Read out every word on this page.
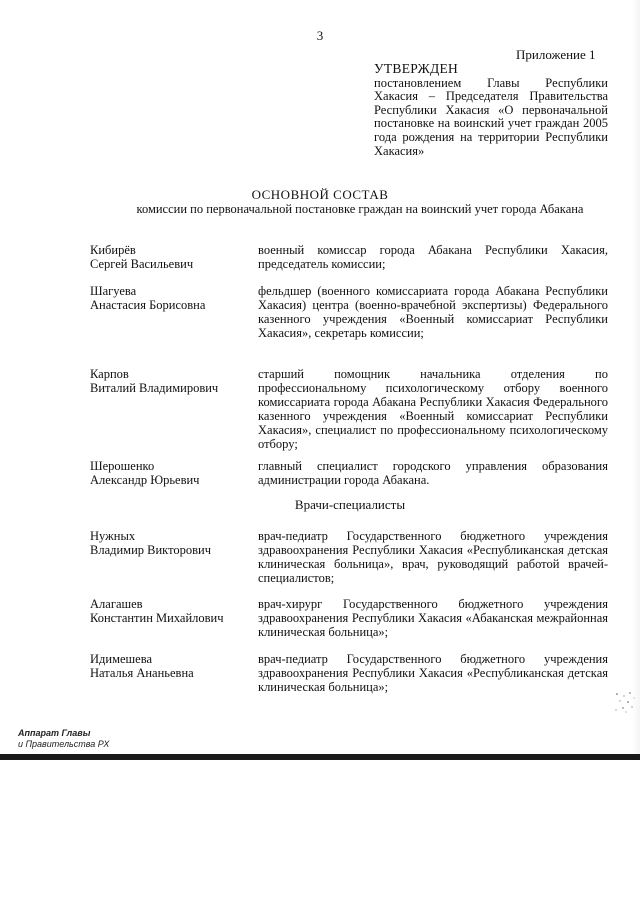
3
Приложение 1
УТВЕРЖДЕН
постановлением Главы Республики Хакасия – Председателя Правительства Республики Хакасия «О первоначальной постановке на воинский учет граждан 2005 года рождения на территории Республики Хакасия»
ОСНОВНОЙ СОСТАВ
комиссии по первоначальной постановке граждан на воинский учет города Абакана
Кибирёв
Сергей Васильевич
военный комиссар города Абакана Республики Хакасия, председатель комиссии;
Шагуева
Анастасия Борисовна
фельдшер (военного комиссариата города Абакана Республики Хакасия) центра (военно-врачебной экспертизы) Федерального казенного учреждения «Военный комиссариат Республики Хакасия», секретарь комиссии;
Карпов
Виталий Владимирович
старший помощник начальника отделения по профессиональному психологическому отбору военного комиссариата города Абакана Республики Хакасия Федерального казенного учреждения «Военный комиссариат Республики Хакасия», специалист по профессиональному психологическому отбору;
Шерошенко
Александр Юрьевич
главный специалист городского управления образования администрации города Абакана.
Врачи-специалисты
Нужных
Владимир Викторович
врач-педиатр Государственного бюджетного учреждения здравоохранения Республики Хакасия «Республиканская детская клиническая больница», врач, руководящий работой врачей-специалистов;
Алагашев
Константин Михайлович
врач-хирург Государственного бюджетного учреждения здравоохранения Республики Хакасия «Абаканская межрайонная клиническая больница»;
Идимешева
Наталья Ананьевна
врач-педиатр Государственного бюджетного учреждения здравоохранения Республики Хакасия «Республиканская детская клиническая больница»;
Аппарат Главы
и Правительства РХ
